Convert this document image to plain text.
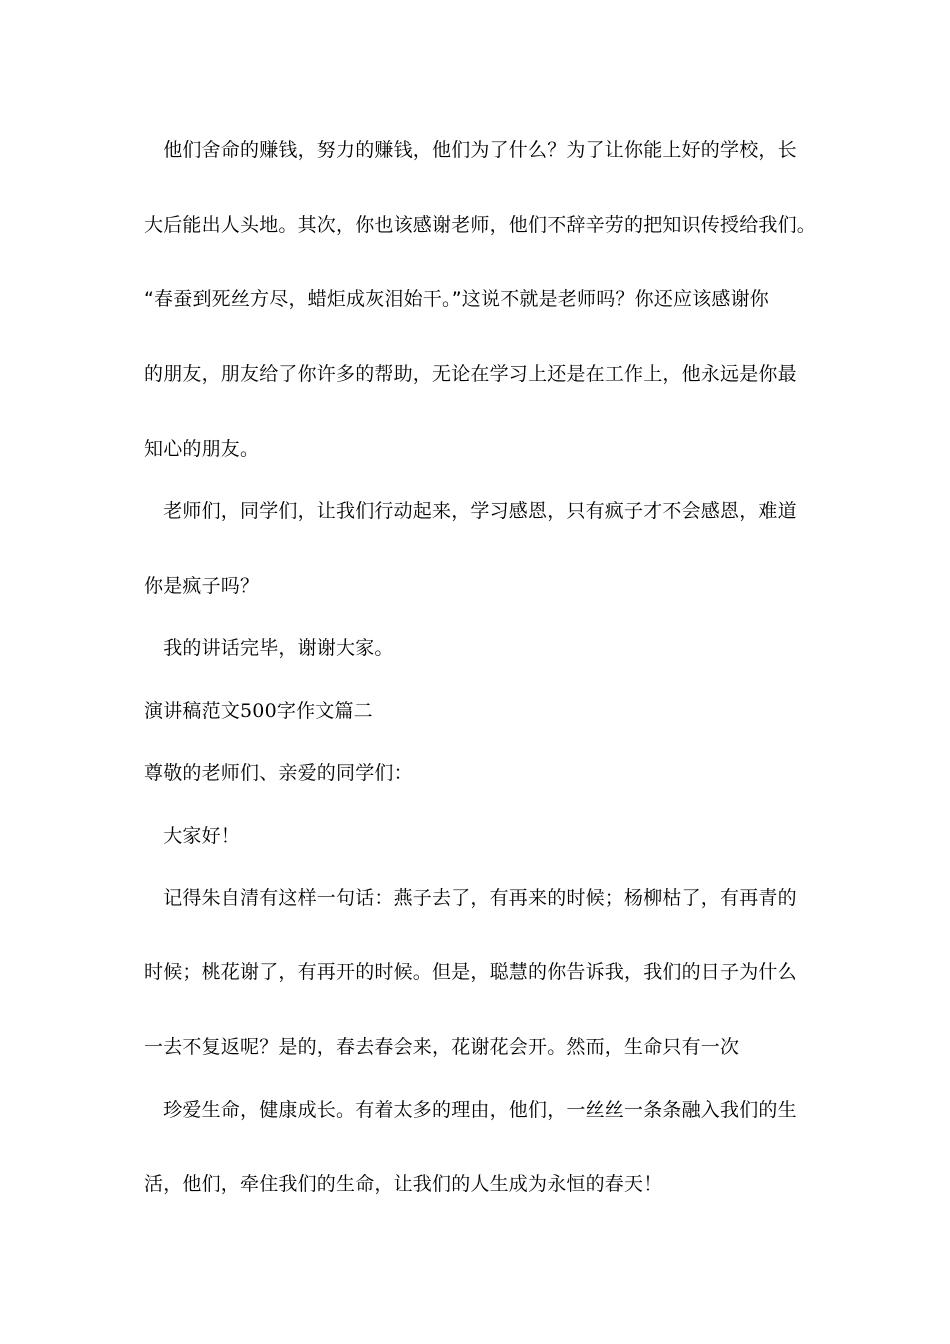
　他们舍命的赚钱，努力的赚钱，他们为了什么？为了让你能上好的学校，长
大后能出人头地。其次，你也该感谢老师，他们不辞辛劳的把知识传授给我们。
“春蚕到死丝方尽，蜡炬成灰泪始干。”这说不就是老师吗？你还应该感谢你
的朋友，朋友给了你许多的帮助，无论在学习上还是在工作上，他永远是你最
知心的朋友。
　老师们，同学们，让我们行动起来，学习感恩，只有疯子才不会感恩，难道
你是疯子吗？
　我的讲话完毕，谢谢大家。
演讲稿范文500字作文篇二
尊敬的老师们、亲爱的同学们：
　大家好！
　记得朱自清有这样一句话：燕子去了，有再来的时候；杨柳枯了，有再青的
时候；桃花谢了，有再开的时候。但是，聪慧的你告诉我，我们的日子为什么
一去不复返呢？是的，春去春会来，花谢花会开。然而，生命只有一次
　珍爱生命，健康成长。有着太多的理由，他们，一丝丝一条条融入我们的生
活，他们，牵住我们的生命，让我们的人生成为永恒的春天！
